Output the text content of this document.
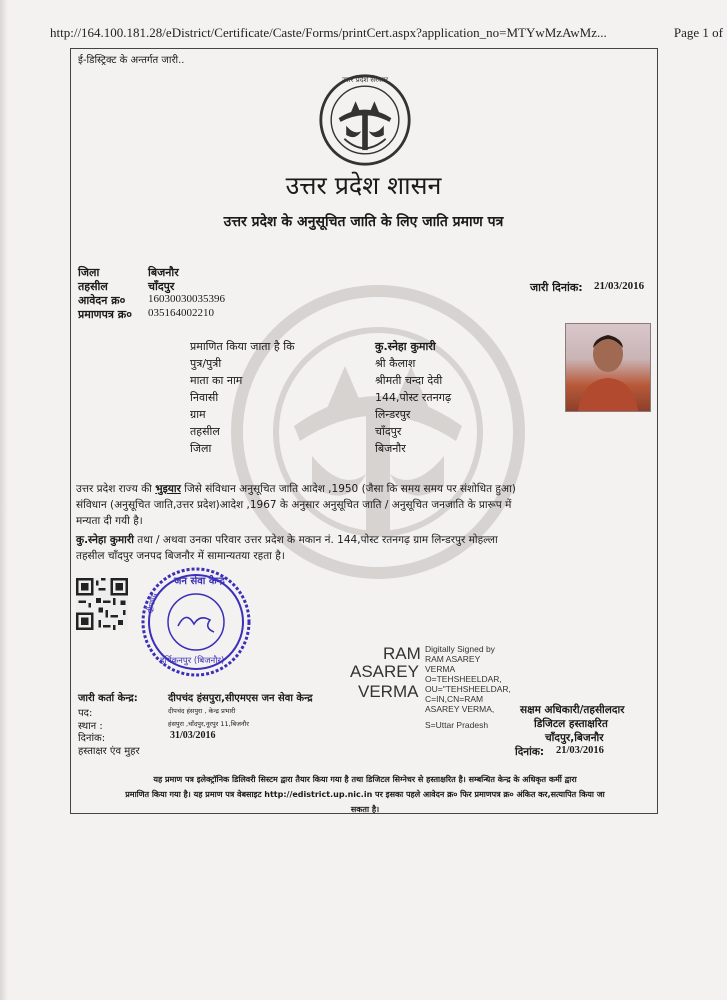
http://164.100.181.28/eDistrict/Certificate/Caste/Forms/printCert.aspx?application_no=MTYwMzAwMz...	Page 1 of
ई-डिस्ट्रिक्ट के अन्तर्गत जारी..
उत्तर प्रदेश सरकार
उत्तर प्रदेश शासन
उत्तर प्रदेश के अनुसूचित जाति के लिए जाति प्रमाण पत्र
जिला	बिजनौर
तहसील	चाँदपुर
आवेदन क्र० 16030030035396
प्रमाणपत्र क्र० 035164002210
जारी दिनांक: 21/03/2016
प्रमाणित किया जाता है कि	कु.स्नेहा कुमारी
पुत्र/पुत्री	श्री कैलाश
माता का नाम	श्रीमती चन्दा देवी
निवासी	144,पोस्ट रतनगढ़
ग्राम	लिन्डरपुर
तहसील	चाँदपुर
जिला	बिजनौर
उत्तर प्रदेश राज्य की भुइयार जिसे संविधान अनुसूचित जाति आदेश ,1950 (जैसा कि समय समय पर संशोधित हुआ)
संविधान (अनुसूचित जाति,उत्तर प्रदेश)आदेश ,1967 के अनुसार अनुसूचित जाति / अनुसूचित जनजाति के प्रारूप में
मन्यता दी गयी है।
कु.स्नेहा कुमारी तथा / अथवा उनका परिवार उत्तर प्रदेश के मकान नं. 144,पोस्ट रतनगढ़ ग्राम लिन्डरपुर मोहल्ला
तहसील चाँदपुर जनपद बिजनौर में सामान्यतया रहता है।
जन सेवा केन्द्र
दीपचंद
हर्षिकनपुर (बिजनौर)	RAM
ASAREY
VERMA
Digitally Signed by
RAM ASAREY
VERMA
O=TEHSHEELDAR,
OU="TEHSHEELDAR,
C=IN,CN=RAM
ASAREY VERMA,
S=Uttar Pradesh
जारी कर्ता केन्द्र:	दीपचंद हंसपुरा,सीएमएस जन सेवा केन्द्र
पद:	दीपचंद हंसपुरा , केन्द्र प्रभारी
स्थान :	हंसपुरा ,चाँदपुर,नूरपुर 11,बिजनौर
दिनांक:	31/03/2016
हस्ताक्षर एंव मुहर
सक्षम अधिकारी/तहसीलदार
डिजिटल हस्ताक्षरित
चाँदपुर,बिजनौर
दिनांक: 21/03/2016
यह प्रमाण पत्र इलेक्ट्रॉनिक डिलिवरी सिस्टम द्वारा तैयार किया गया है तथा डिजिटल सिग्नेचर से हस्ताक्षरित है। सम्बन्धित केन्द्र के अधिकृत कर्मी द्वारा
प्रमाणित किया गया है। यह प्रमाण पत्र वेबसाइट http://edistrict.up.nic.in पर इसका पहले आवेदन क्र० फिर प्रमाणपत्र क्र० अंकित कर,सत्यापित किया जा
सकता है।
